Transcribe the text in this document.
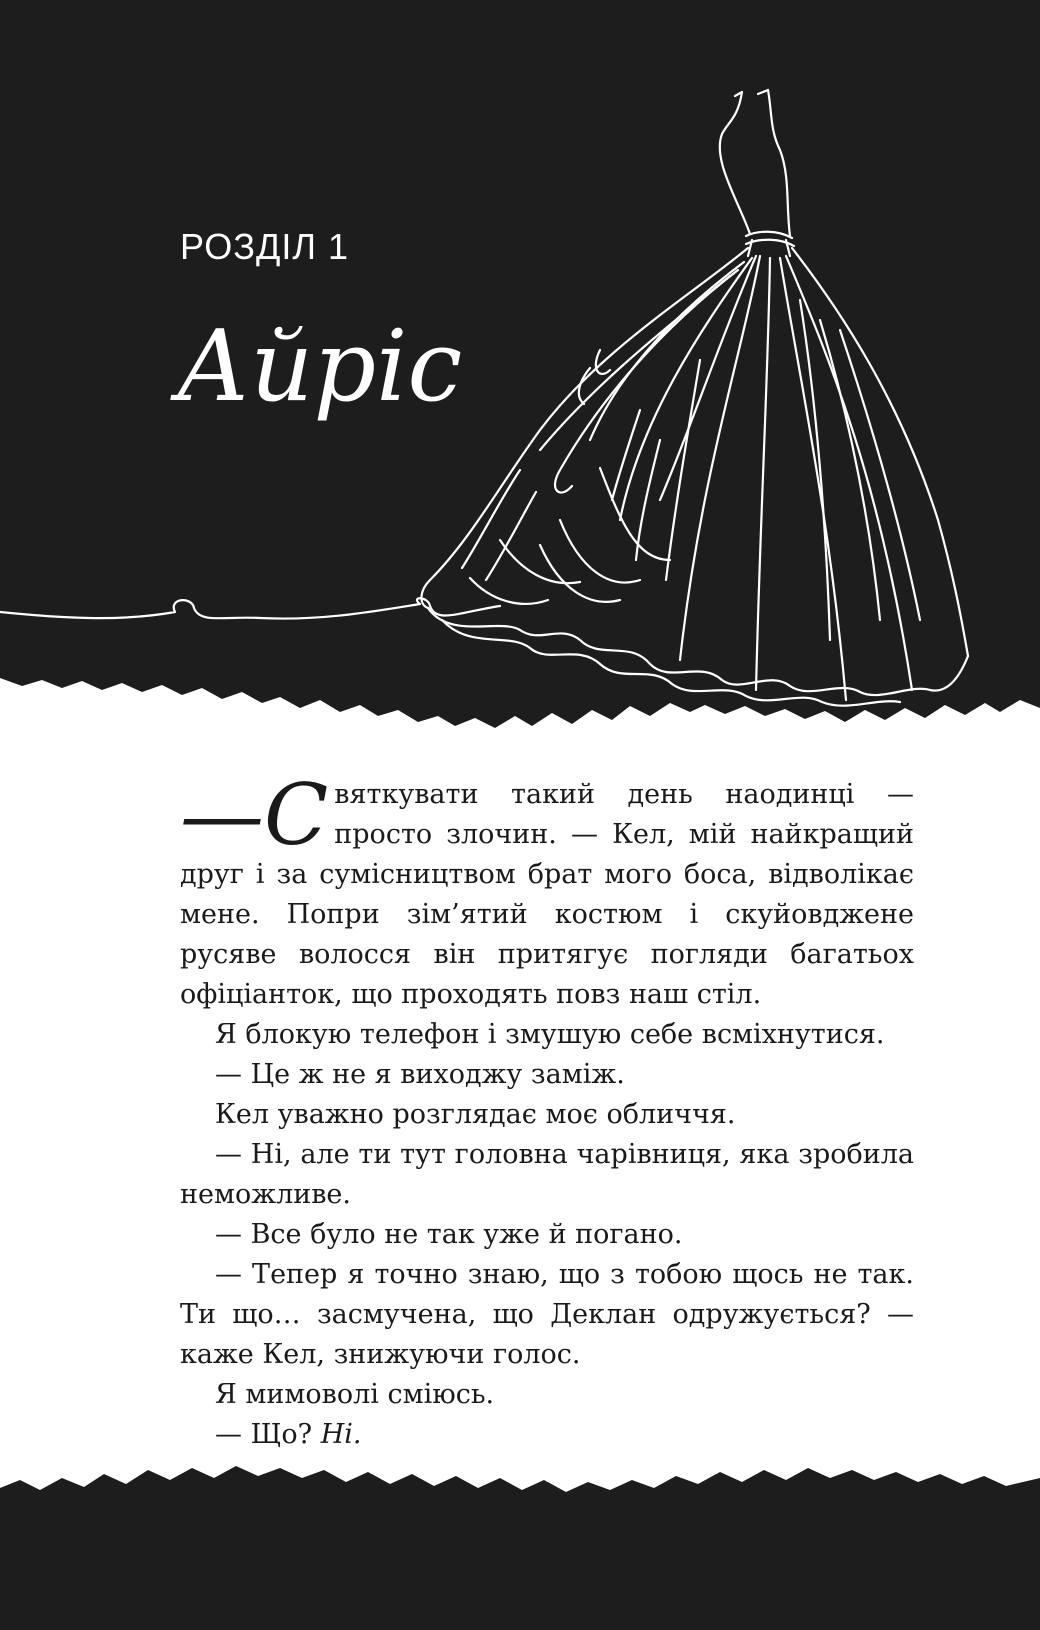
РОЗДІЛ 1
Айріс

—С вяткувати такий день наодинці — просто злочин. — Кел, мій найкращий друг і за сумісництвом брат мого боса, відволікає мене. Попри зім’ятий костюм і скуйовджене русяве волосся він притягує погляди багатьох офіціанток, що проходять повз наш стіл.

Я блокую телефон і змушую себе всміхнутися.

— Це ж не я виходжу заміж.

Кел уважно розглядає моє обличчя.

— Ні, але ти тут головна чарівниця, яка зробила неможливе.

— Все було не так уже й погано.

— Тепер я точно знаю, що з тобою щось не так. Ти що… засмучена, що Деклан одружується? — каже Кел, знижуючи голос.

Я мимоволі сміюсь.

— Що? Ні.
